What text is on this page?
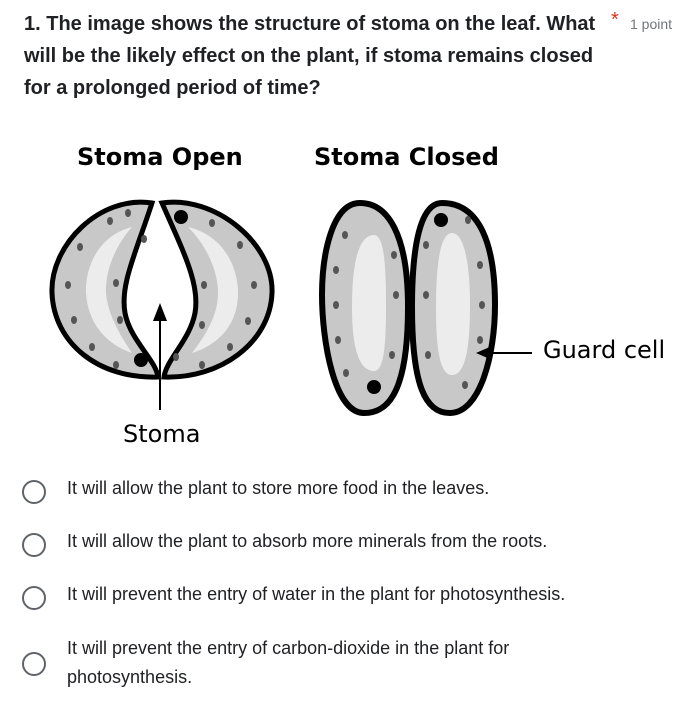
1. The image shows the structure of stoma on the leaf. What will be the likely effect on the plant, if stoma remains closed for a prolonged period of time?

* 1 point
Stoma Open	Stoma Closed
Stoma
Guard cell
It will allow the plant to store more food in the leaves.
It will allow the plant to absorb more minerals from the roots.
It will prevent the entry of water in the plant for photosynthesis.
It will prevent the entry of carbon-dioxide in the plant for photosynthesis.
